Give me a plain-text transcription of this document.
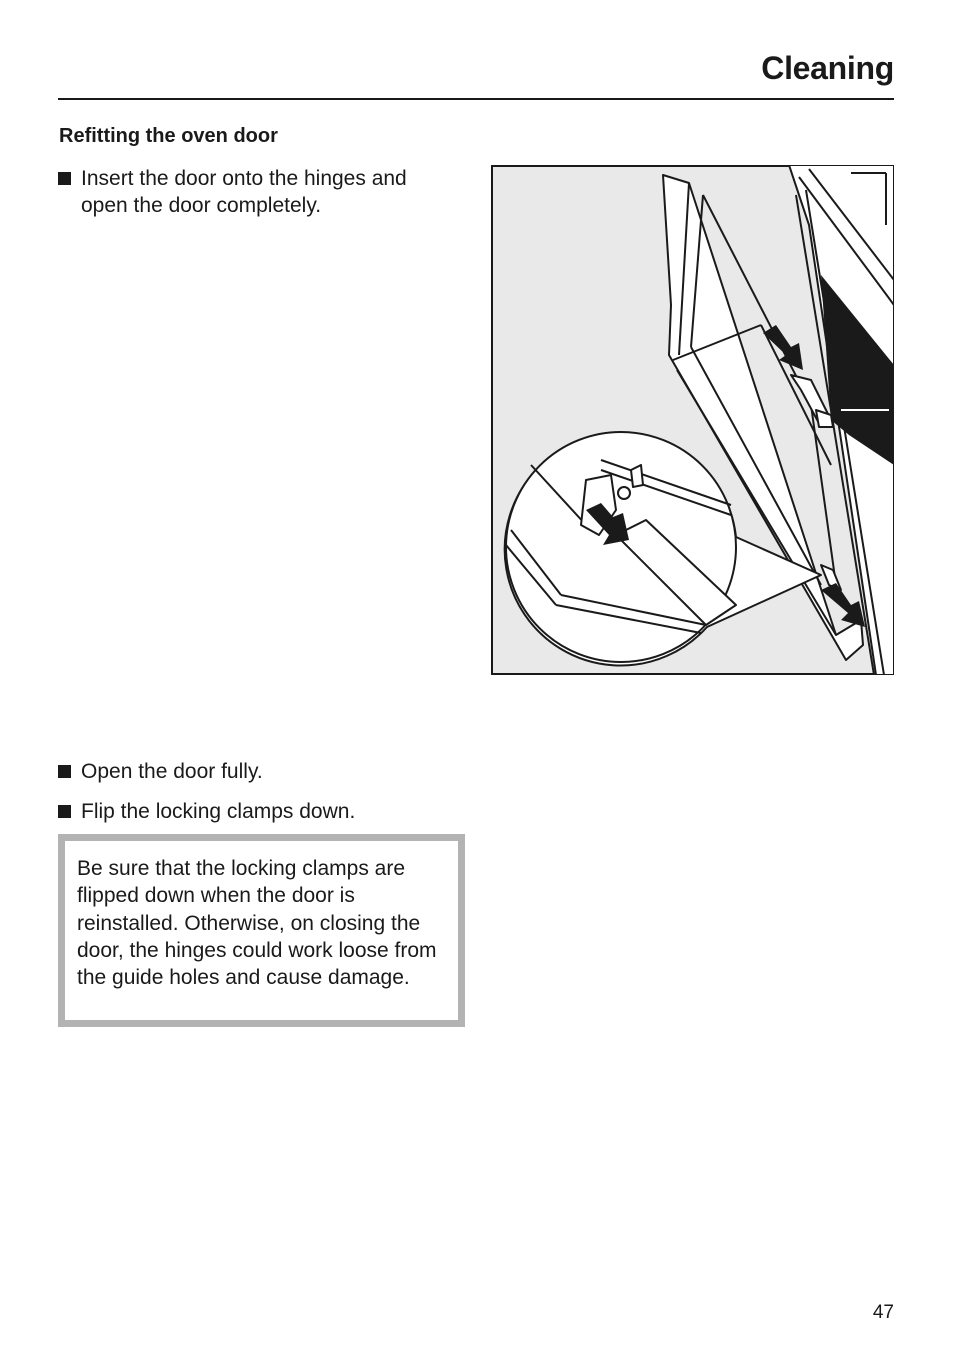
Cleaning
Refitting the oven door
Insert the door onto the hinges and open the door completely.
Open the door fully.
Flip the locking clamps down.
Be sure that the locking clamps are flipped down when the door is reinstalled. Otherwise, on closing the door, the hinges could work loose from the guide holes and cause damage.
47
